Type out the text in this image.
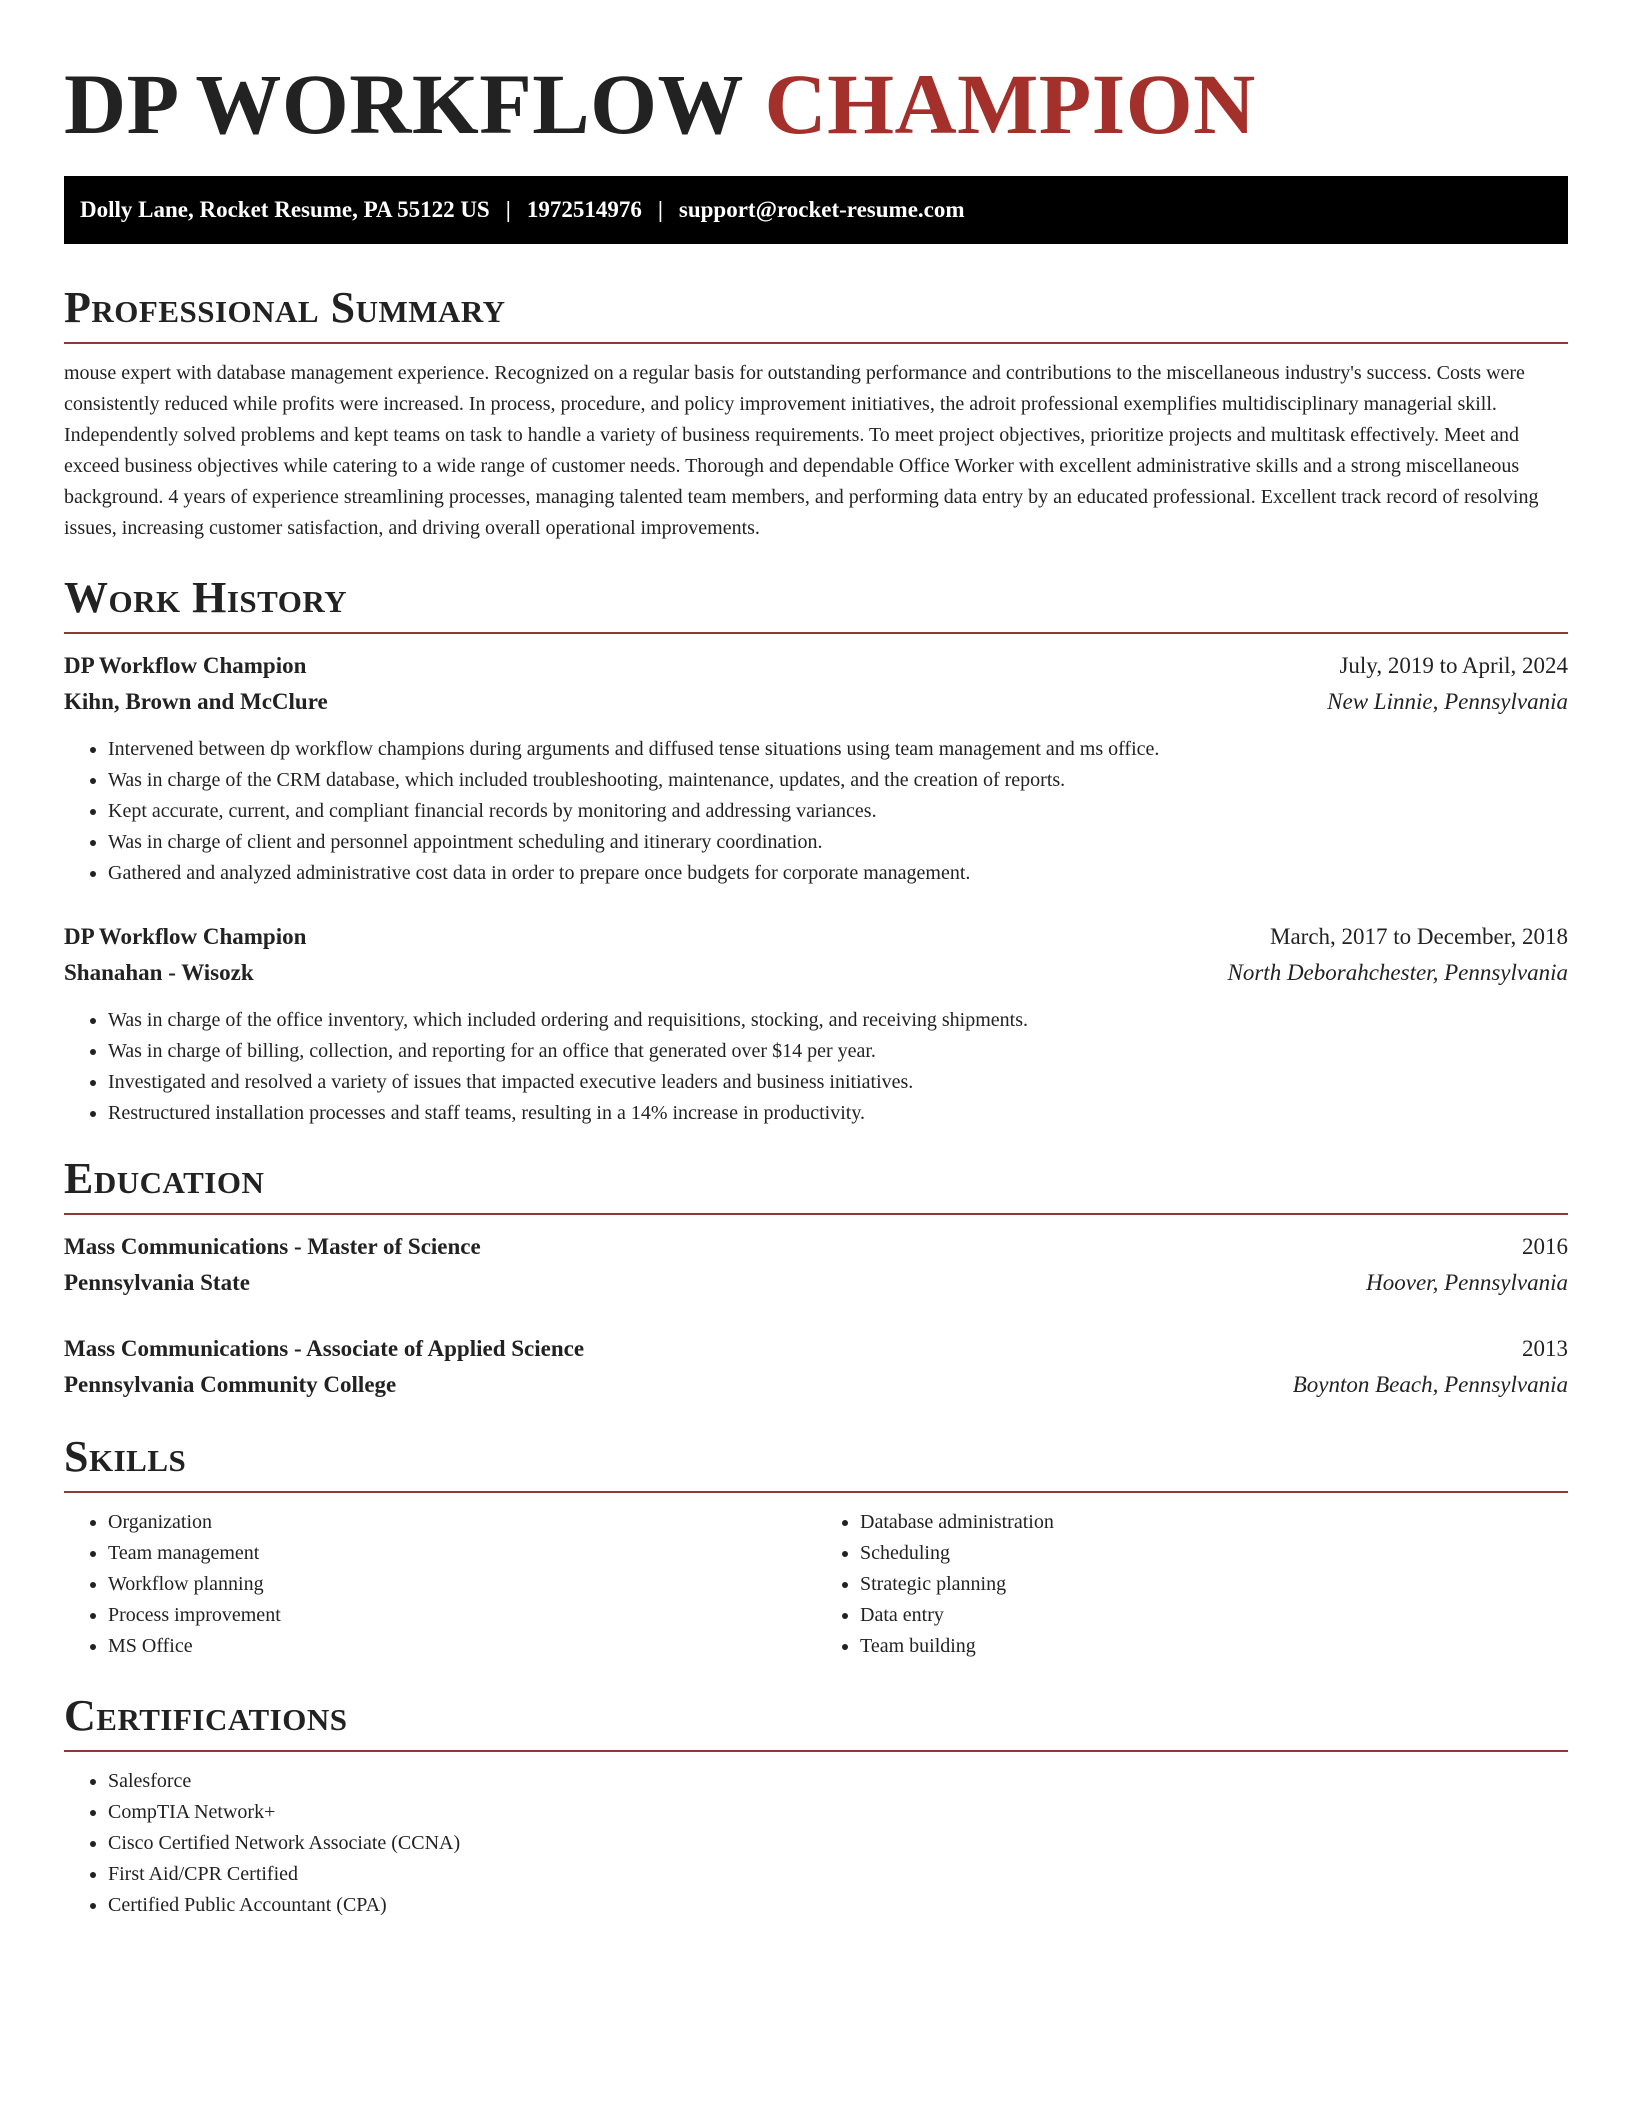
DP WORKFLOW CHAMPION
Dolly Lane, Rocket Resume, PA 55122 US | 1972514976 | support@rocket-resume.com
Professional Summary

mouse expert with database management experience. Recognized on a regular basis for outstanding performance and contributions to the miscellaneous industry's success. Costs were consistently reduced while profits were increased. In process, procedure, and policy improvement initiatives, the adroit professional exemplifies multidisciplinary managerial skill. Independently solved problems and kept teams on task to handle a variety of business requirements. To meet project objectives, prioritize projects and multitask effectively. Meet and exceed business objectives while catering to a wide range of customer needs. Thorough and dependable Office Worker with excellent administrative skills and a strong miscellaneous background. 4 years of experience streamlining processes, managing talented team members, and performing data entry by an educated professional. Excellent track record of resolving issues, increasing customer satisfaction, and driving overall operational improvements.

Work History
DP Workflow Champion	July, 2019 to April, 2024
Kihn, Brown and McClure	New Linnie, Pennsylvania
• Intervened between dp workflow champions during arguments and diffused tense situations using team management and ms office.
• Was in charge of the CRM database, which included troubleshooting, maintenance, updates, and the creation of reports.
• Kept accurate, current, and compliant financial records by monitoring and addressing variances.
• Was in charge of client and personnel appointment scheduling and itinerary coordination.
• Gathered and analyzed administrative cost data in order to prepare once budgets for corporate management.
DP Workflow Champion	March, 2017 to December, 2018
Shanahan - Wisozk	North Deborahchester, Pennsylvania
• Was in charge of the office inventory, which included ordering and requisitions, stocking, and receiving shipments.
• Was in charge of billing, collection, and reporting for an office that generated over $14 per year.
• Investigated and resolved a variety of issues that impacted executive leaders and business initiatives.
• Restructured installation processes and staff teams, resulting in a 14% increase in productivity.
Education
Mass Communications - Master of Science	2016
Pennsylvania State	Hoover, Pennsylvania
Mass Communications - Associate of Applied Science	2013
Pennsylvania Community College	Boynton Beach, Pennsylvania
Skills
• Organization
• Team management
• Workflow planning
• Process improvement
• MS Office
• Database administration
• Scheduling
• Strategic planning
• Data entry
• Team building
Certifications
• Salesforce
• CompTIA Network+
• Cisco Certified Network Associate (CCNA)
• First Aid/CPR Certified
• Certified Public Accountant (CPA)
